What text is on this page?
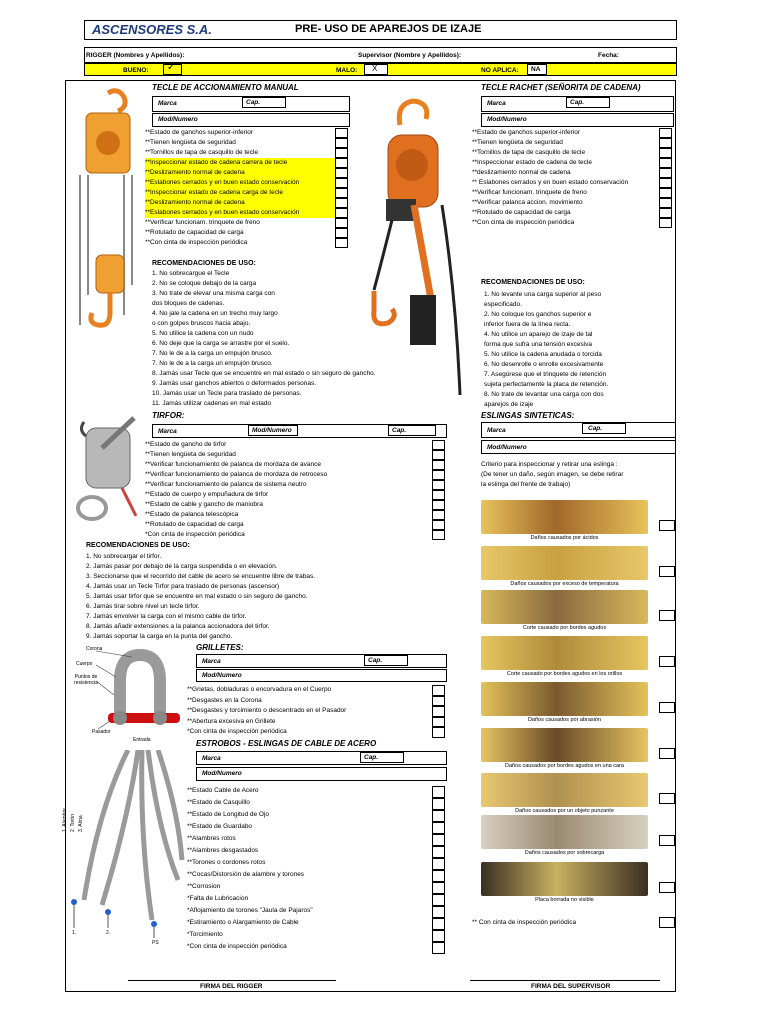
ASCENSORES S.A.	PRE- USO DE APAREJOS DE IZAJE
RIGGER (Nombres y Apellidos):	Supervisor (Nombre y Apellidos):	Fecha:
BUENO: ✓	MALO: X	NO APLICA: NA
TECLE DE ACCIONAMIENTO MANUAL
Marca	Cap.
Mod/Numero
RECOMENDACIONES DE USO:
TECLE RACHET (SEÑORITA DE CADENA)
Marca	Cap.
Mod/Numero
RECOMENDACIONES DE USO:
TIRFOR:
Marca	Mod/Numero	Cap.
RECOMENDACIONES DE USO:
ESLINGAS SINTETICAS:
Marca	Cap.
Mod/Numero
Criterio para inspeccionar y retirar una eslinga :
(De tener un daño, según imagen, se debe retirar
la eslinga del frente de trabajo)
** Con cinta de inspección periódica
Corona
Cuerpo
Puntos de resistencia
Pasador
Entrada
GRILLETES:
Marca	Cap.
Mod/Numero
ESTROBOS - ESLINGAS DE CABLE DE ACERO
Marca	Cap.
Mod/Numero
1. Alambre 2. Torón 3. Alma
1.	2.
PS
FIRMA DEL RIGGER	FIRMA DEL SUPERVISOR
**Estado de ganchos superior-inferior
**Tienen lengüeta de seguridad
**Tornillos de tapa de casquillo de tecle
**Inspeccionar estado de cadena carrera de tecle
**Deslizamiento normal de cadena
**Eslabones cerrados y en buen estado conservación
**Inspeccionar estado de cadena carga de tecle
**Deslizamiento normal de cadena
**Eslabones cerrados y en buen estado conservación
**Verificar funcionam. trinquete de freno
**Rotulado de capacidad de carga
**Con cinta de inspección periódica
**Estado de ganchos superior-inferior
**Tienen lengüeta de seguridad
**Tornillos de tapa de casquillo de tecle
**Inspeccionar estado de cadena de tecle
**deslizamiento normal de cadena
** Eslabones cerrados y en buen estado conservación
**Verificar funcionam. trinquete de freno
**Verificar palanca accion. movimiento
**Rotulado de capacidad de carga
**Con cinta de inspección periódica
**Estado de gancho de tirfor
**Tienen lengüeta de seguridad
**Verificar funcionamiento de palanca de mordaza de avance
**Verificar funcionamiento de palanca de mordaza de retroceso
**Verificar funcionamiento de palanca de sistema neutro
**Estado de cuerpo y empuñadura de tirfor
**Estado de cable y gancho de maniobra
**Estado de palanca telescópica
**Rotulado de capacidad de carga
*Con cinta de inspección periódica
**Grietas, dobladuras o encorvadura en el Cuerpo
**Desgastes en la Corona
**Desgastes y torcimiento o descentrado en el Pasador
**Abertura excesiva en Grillete
*Con cinta de inspección periódica
**Estado Cable de Acero
**Estado de Casquillo
**Estado de Longitud de Ojo
**Estado de Guardabo
**Alambres rotos
**Alambres desgastados
**Torones o cordones rotos
**Cocas/Distorsión de alambre y torones
**Corrosion
*Falta de Lubricacion
*Aflojamiento de torones "Jaula de Pajaros"
*Estiramiento o Alargamiento de Cable
*Torcimiento
*Con cinta de inspección periódica
1. No sobrecargue el Tecle
2. No se coloque debajo de la carga
3. No trate de elevar una misma carga con
dos bloques de cadenas.
4. No jale la cadena en un trecho muy largo
o con golpes bruscos hacia abajo.
5. No utilice la cadena con un nudo
6. No deje que la carga se arrastre por el suelo.
7. No le de a la carga un empujón brusco.
7. No le de a la carga un empujón brusco.
8. Jamás usar Tecle que se encuentre en mal estado o sin seguro de gancho.
9. Jamás usar ganchos abiertos o deformados personas.
10. Jamás usar un Tecle para traslado de personas.
11. Jamás utilizar cadenas en mal estado
1. No levante una carga superior al peso
especificado.
2. No coloque los ganchos superior e
inferior fuera de la línea recta.
4. No utilice un aparejo de izaje de tal
forma que sufra una tensión excesiva
5. No utilice la cadena anudada o torcida
6. No desenrolle o enrolle excesivamente
7. Asegúrese que el trinquete de retención
sujeta perfectamente la placa de retención.
8. No trate de levantar una carga con dos
aparejos de izaje
1. No sobrecargar el tirfor.
2. Jamás pasar por debajo de la carga suspendida o en elevación.
3. Seccionarse que el recorrido del cable de acero se encuentre libre de trabas.
4. Jamás usar un Tecle Tirfor para traslado de personas (ascensor)
5. Jamás usar tirfor que se encuentre en mal estado o sin seguro de gancho.
6. Jamás tirar sobre nivel un tecle tirfor.
7. Jamás envolver la carga con el mismo cable de tirfor.
8. Jamás añadir extensiones a la palanca accionadora del tirfor.
9. Jamás soportar la carga en la punta del gancho.
Daños causados por ácidos
Daños causados por exceso de temperatura
Corte causado por bordes agudos
Corte causado por bordes agudos en los orillos
Daños causados por abrasión
Daños causados por bordes agudos en una cara
Daños causados por un objeto punzante
Daños causados por sobrecarga
Placa borrada no visible
